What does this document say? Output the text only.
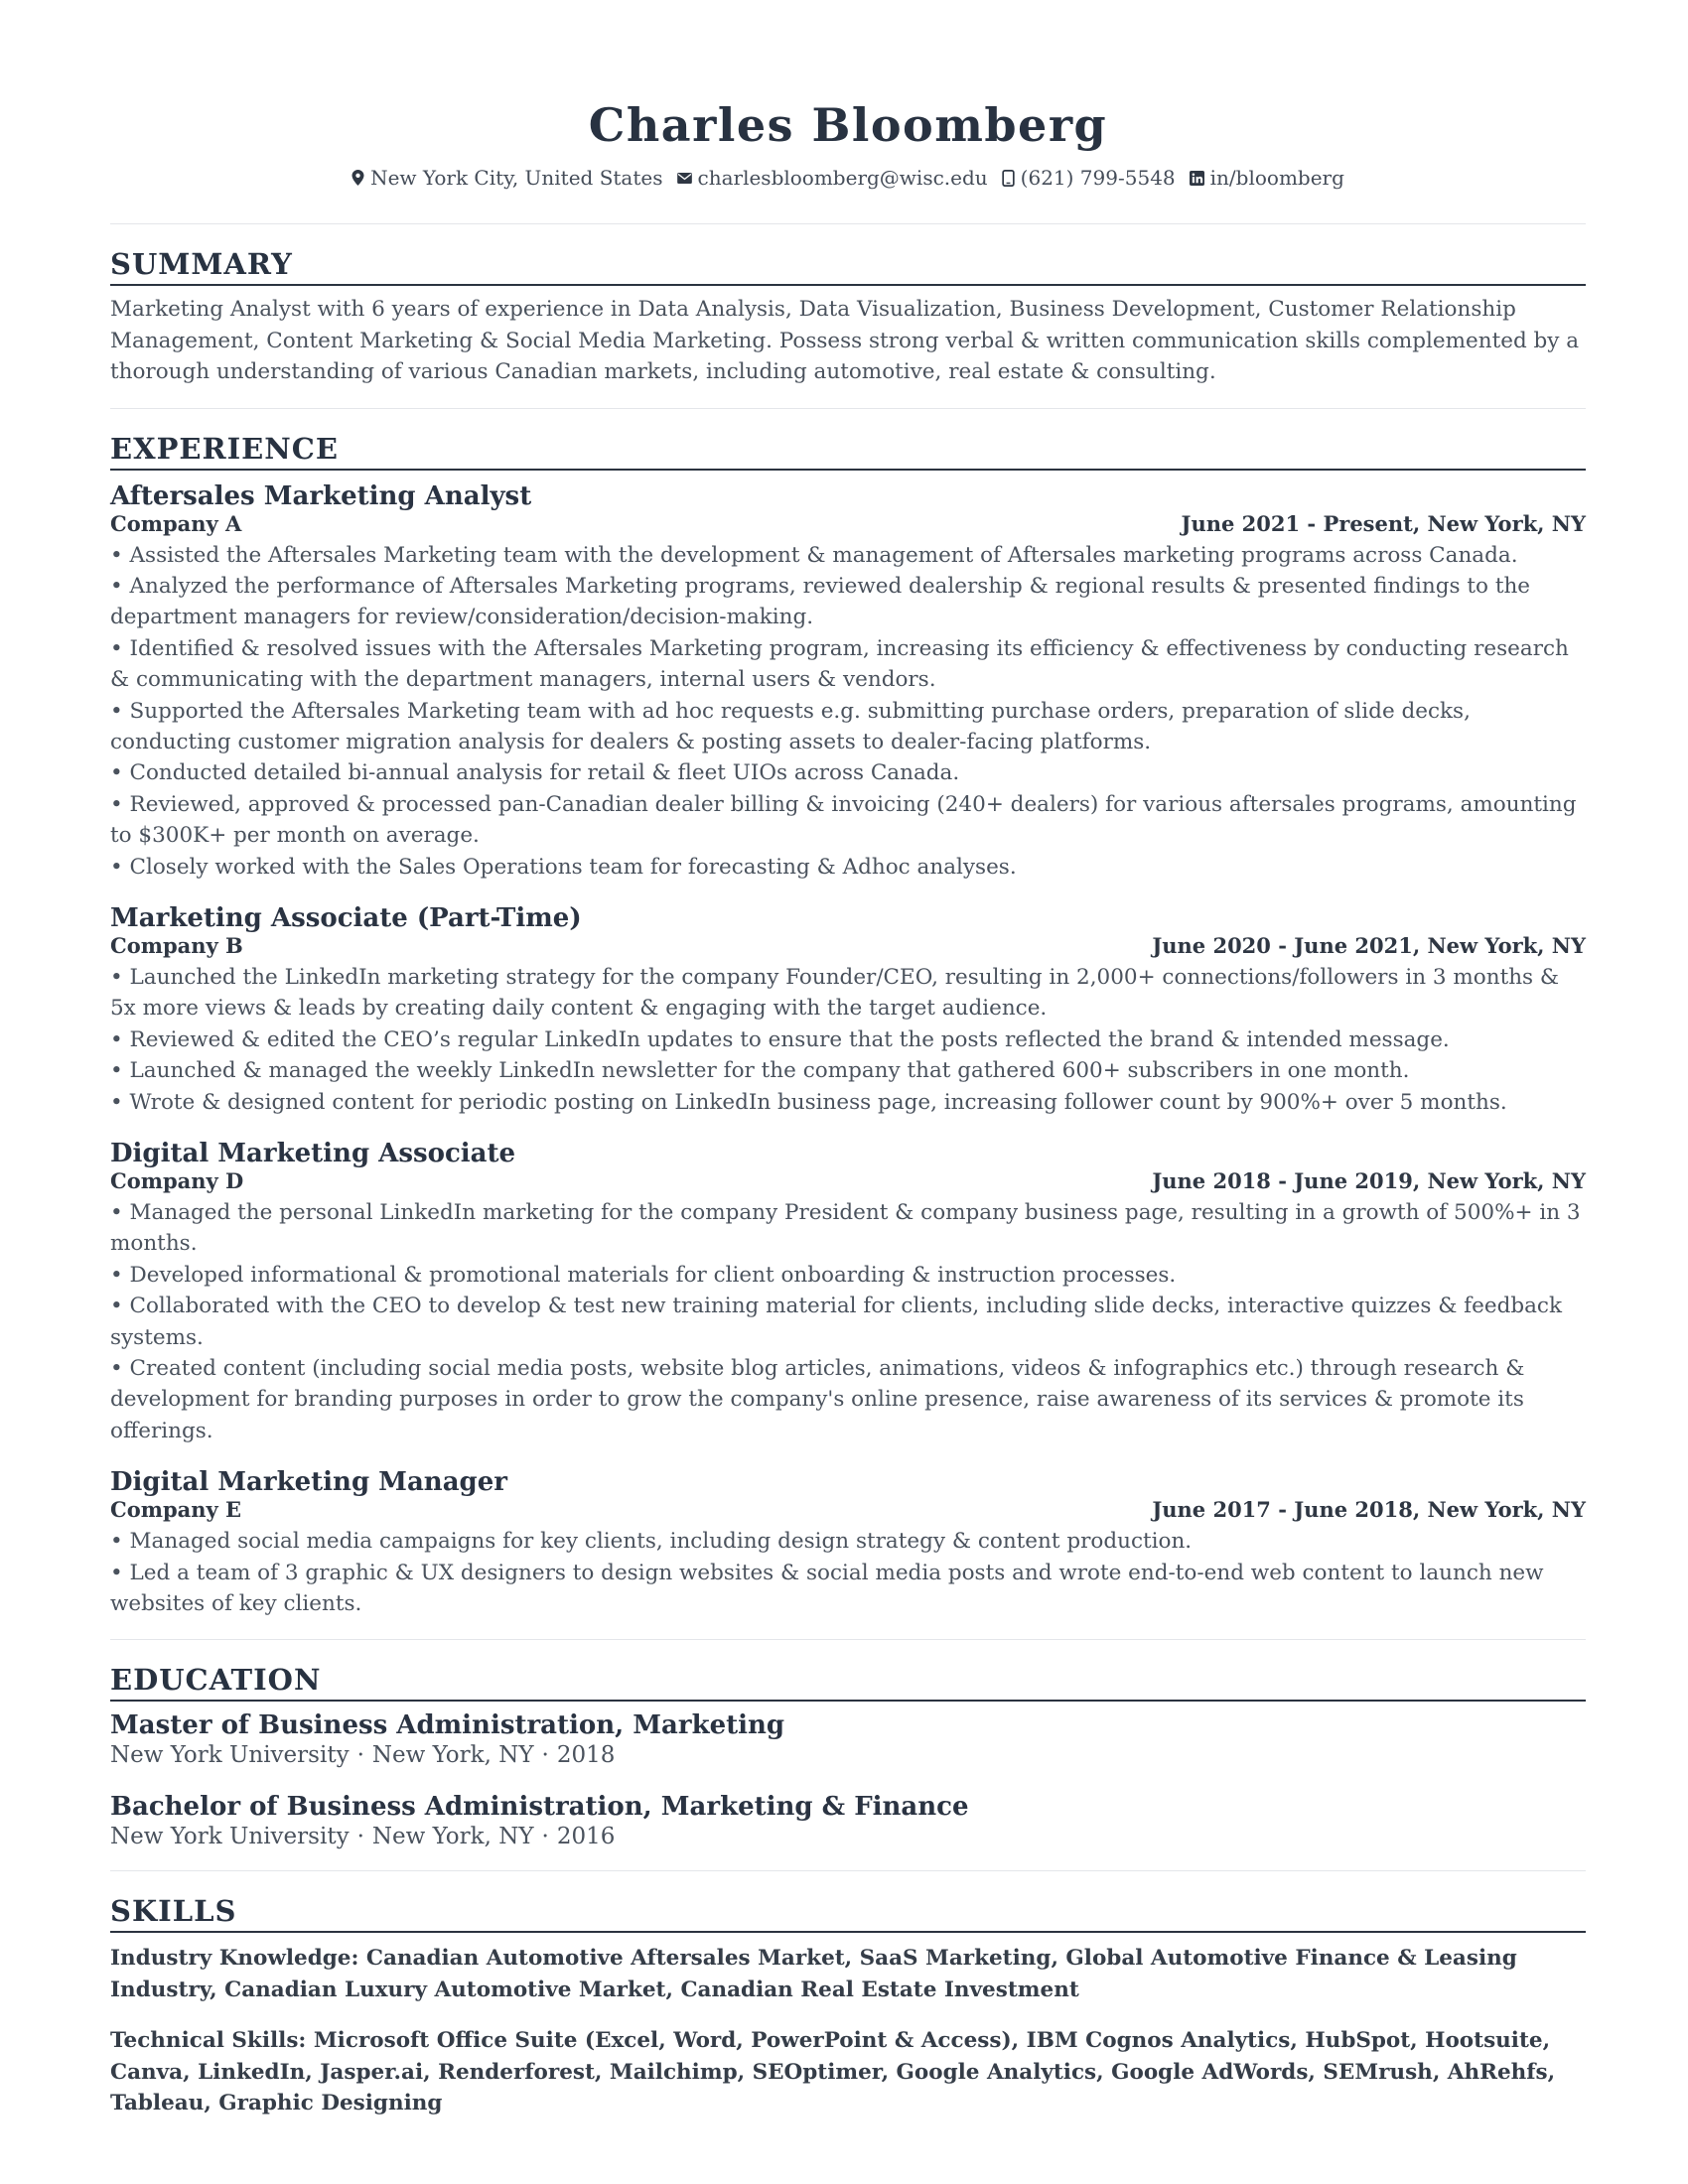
Charles Bloomberg
New York City, United States charlesbloomberg@wisc.edu (621) 799-5548 in/bloomberg
SUMMARY

Marketing Analyst with 6 years of experience in Data Analysis, Data Visualization, Business Development, Customer Relationship Management, Content Marketing & Social Media Marketing. Possess strong verbal & written communication skills complemented by a thorough understanding of various Canadian markets, including automotive, real estate & consulting.

EXPERIENCE
Aftersales Marketing Analyst
Company A	June 2021 - Present, New York, NY
• Assisted the Aftersales Marketing team with the development & management of Aftersales marketing programs across Canada.
• Analyzed the performance of Aftersales Marketing programs, reviewed dealership & regional results & presented findings to the department managers for review/consideration/decision-making.
• Identified & resolved issues with the Aftersales Marketing program, increasing its efficiency & effectiveness by conducting research & communicating with the department managers, internal users & vendors.
• Supported the Aftersales Marketing team with ad hoc requests e.g. submitting purchase orders, preparation of slide decks, conducting customer migration analysis for dealers & posting assets to dealer-facing platforms.
• Conducted detailed bi-annual analysis for retail & fleet UIOs across Canada.
• Reviewed, approved & processed pan-Canadian dealer billing & invoicing (240+ dealers) for various aftersales programs, amounting to $300K+ per month on average.
• Closely worked with the Sales Operations team for forecasting & Adhoc analyses.
Marketing Associate (Part-Time)
Company B	June 2020 - June 2021, New York, NY
• Launched the LinkedIn marketing strategy for the company Founder/CEO, resulting in 2,000+ connections/followers in 3 months & 5x more views & leads by creating daily content & engaging with the target audience.
• Reviewed & edited the CEO’s regular LinkedIn updates to ensure that the posts reflected the brand & intended message.
• Launched & managed the weekly LinkedIn newsletter for the company that gathered 600+ subscribers in one month.
• Wrote & designed content for periodic posting on LinkedIn business page, increasing follower count by 900%+ over 5 months.
Digital Marketing Associate
Company D	June 2018 - June 2019, New York, NY
• Managed the personal LinkedIn marketing for the company President & company business page, resulting in a growth of 500%+ in 3 months.
• Developed informational & promotional materials for client onboarding & instruction processes.
• Collaborated with the CEO to develop & test new training material for clients, including slide decks, interactive quizzes & feedback systems.
• Created content (including social media posts, website blog articles, animations, videos & infographics etc.) through research & development for branding purposes in order to grow the company's online presence, raise awareness of its services & promote its offerings.
Digital Marketing Manager
Company E	June 2017 - June 2018, New York, NY
• Managed social media campaigns for key clients, including design strategy & content production.
• Led a team of 3 graphic & UX designers to design websites & social media posts and wrote end-to-end web content to launch new websites of key clients.
EDUCATION
Master of Business Administration, Marketing
New York University · New York, NY · 2018
Bachelor of Business Administration, Marketing & Finance
New York University · New York, NY · 2016
SKILLS

Industry Knowledge: Canadian Automotive Aftersales Market, SaaS Marketing, Global Automotive Finance & Leasing Industry, Canadian Luxury Automotive Market, Canadian Real Estate Investment

Technical Skills: Microsoft Office Suite (Excel, Word, PowerPoint & Access), IBM Cognos Analytics, HubSpot, Hootsuite, Canva, LinkedIn, Jasper.ai, Renderforest, Mailchimp, SEOptimer, Google Analytics, Google AdWords, SEMrush, AhRehfs, Tableau, Graphic Designing
